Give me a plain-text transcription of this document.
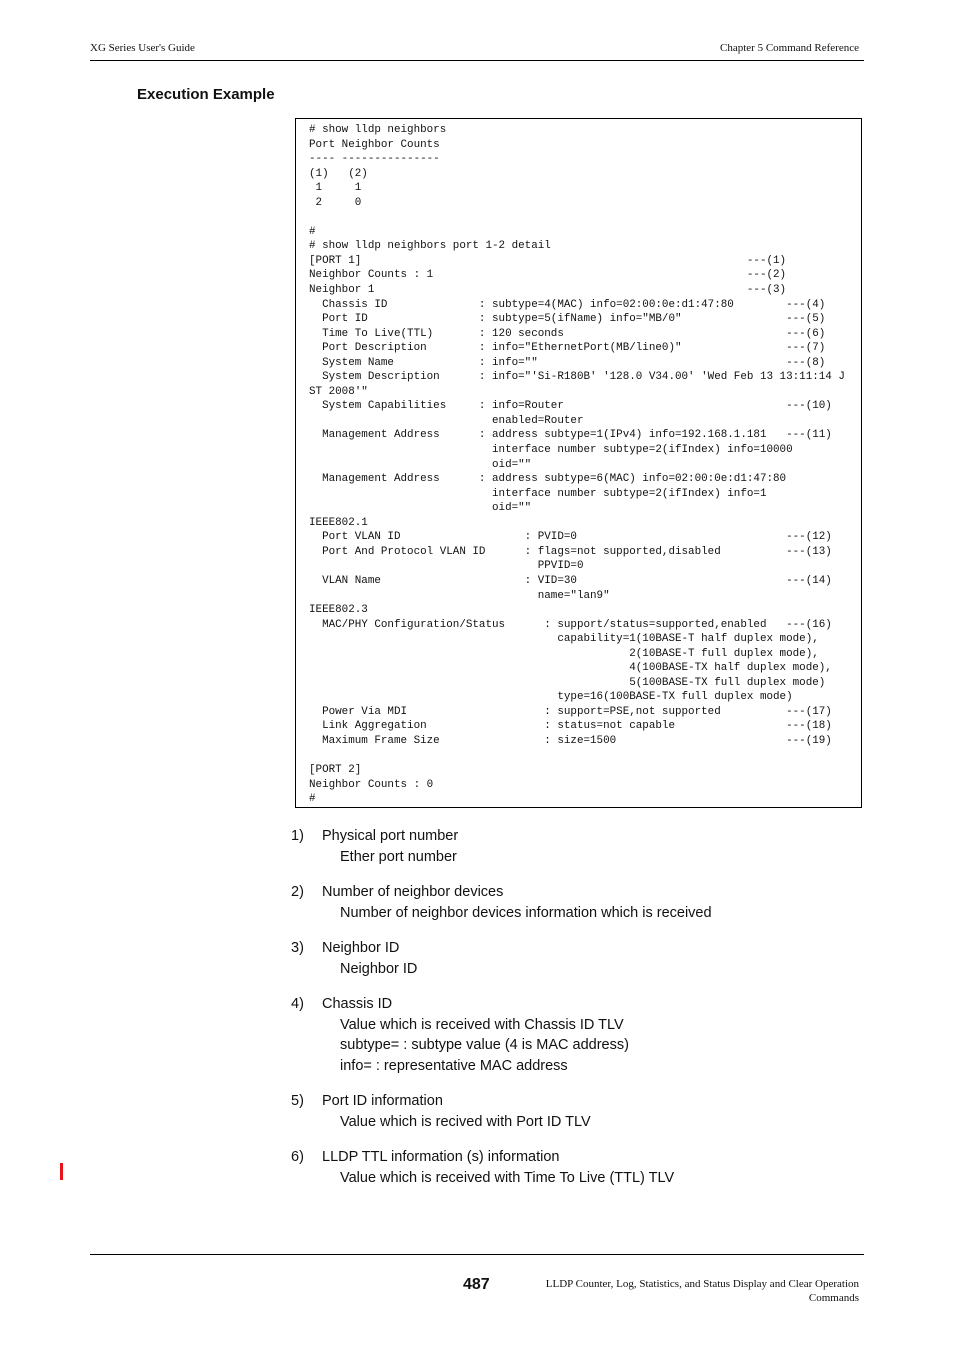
XG Series User's Guide	Chapter 5 Command Reference
Execution Example
# show lldp neighbors
Port Neighbor Counts
---- ---------------
(1)   (2)
1     1
2     0

#
# show lldp neighbors port 1-2 detail
[PORT 1]                                                           ---(1)
Neighbor Counts : 1                                                ---(2)
Neighbor 1                                                         ---(3)
Chassis ID              : subtype=4(MAC) info=02:00:0e:d1:47:80        ---(4)
Port ID                 : subtype=5(ifName) info="MB/0"                ---(5)
Time To Live(TTL)       : 120 seconds                                  ---(6)
Port Description        : info="EthernetPort(MB/line0)"                ---(7)
System Name             : info=""                                      ---(8)
System Description      : info="'Si-R180B' '128.0 V34.00' 'Wed Feb 13 13:11:14 J
ST 2008'"
System Capabilities     : info=Router                                  ---(10)
enabled=Router
Management Address      : address subtype=1(IPv4) info=192.168.1.181   ---(11)
interface number subtype=2(ifIndex) info=10000
oid=""
Management Address      : address subtype=6(MAC) info=02:00:0e:d1:47:80
interface number subtype=2(ifIndex) info=1
oid=""
IEEE802.1
Port VLAN ID                   : PVID=0                                ---(12)
Port And Protocol VLAN ID      : flags=not supported,disabled          ---(13)
PPVID=0
VLAN Name                      : VID=30                                ---(14)
name="lan9"
IEEE802.3
MAC/PHY Configuration/Status      : support/status=supported,enabled   ---(16)
capability=1(10BASE-T half duplex mode),
2(10BASE-T full duplex mode),
4(100BASE-TX half duplex mode),
5(100BASE-TX full duplex mode)
type=16(100BASE-TX full duplex mode)
Power Via MDI                     : support=PSE,not supported          ---(17)
Link Aggregation                  : status=not capable                 ---(18)
Maximum Frame Size                : size=1500                          ---(19)

[PORT 2]
Neighbor Counts : 0
#
1)	Physical port number
Ether port number
2)	Number of neighbor devices
Number of neighbor devices information which is received
3)	Neighbor ID
Neighbor ID
4)	Chassis ID
Value which is received with Chassis ID TLV
subtype= : subtype value (4 is MAC address)
info= : representative MAC address
5)	Port ID information
Value which is recived with Port ID TLV
6)	LLDP TTL information (s) information
Value which is received with Time To Live (TTL) TLV
487	LLDP Counter, Log, Statistics, and Status Display and Clear Operation
Commands
